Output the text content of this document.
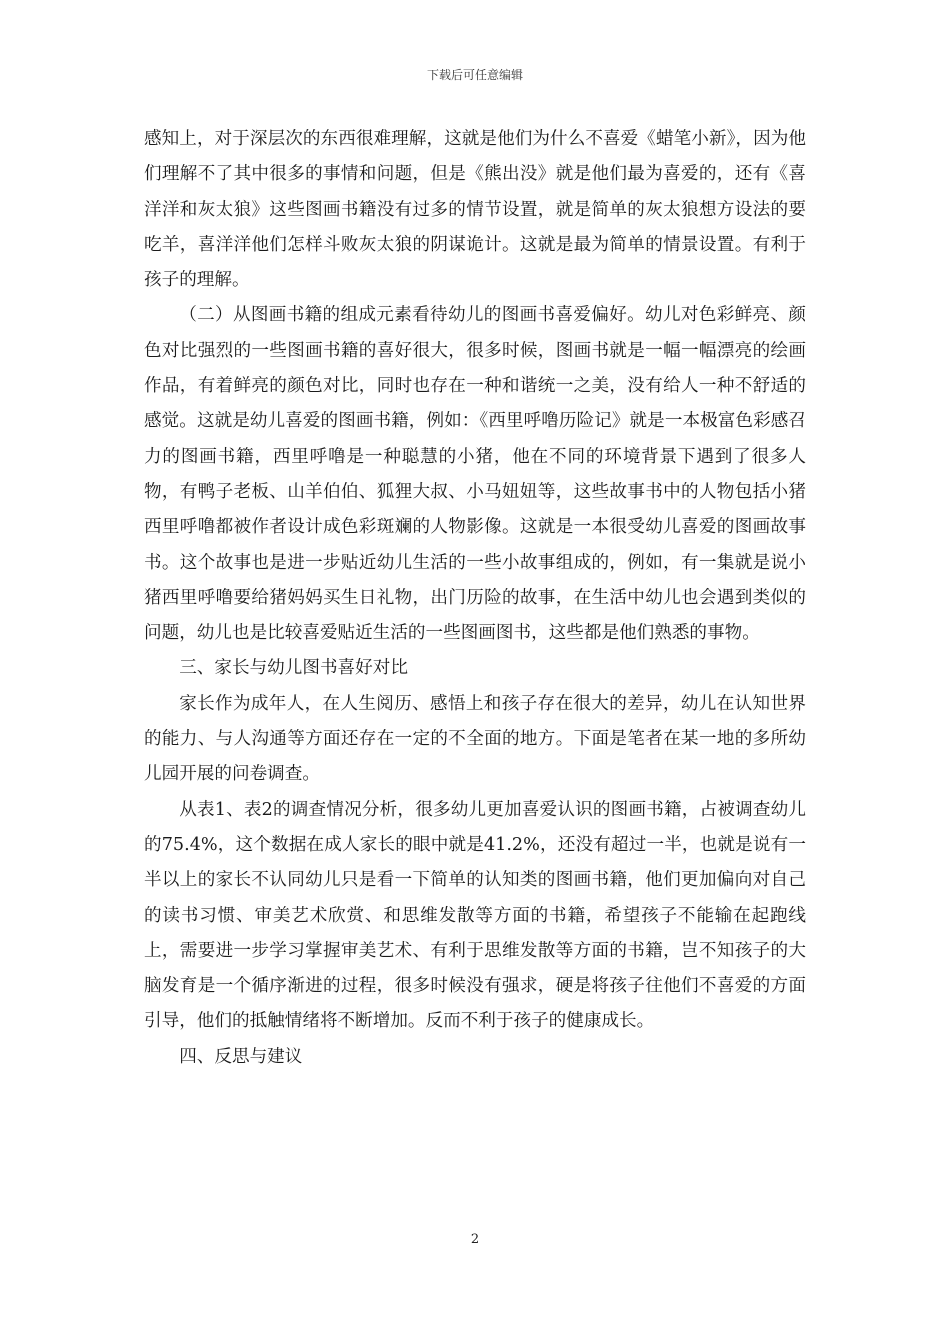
下载后可任意编辑

感知上，对于深层次的东西很难理解，这就是他们为什么不喜爱《蜡笔小新》，因为他们理解不了其中很多的事情和问题，但是《熊出没》就是他们最为喜爱的，还有《喜洋洋和灰太狼》这些图画书籍没有过多的情节设置，就是简单的灰太狼想方设法的要吃羊，喜洋洋他们怎样斗败灰太狼的阴谋诡计。这就是最为简单的情景设置。有利于孩子的理解。

（二）从图画书籍的组成元素看待幼儿的图画书喜爱偏好。幼儿对色彩鲜亮、颜色对比强烈的一些图画书籍的喜好很大，很多时候，图画书就是一幅一幅漂亮的绘画作品，有着鲜亮的颜色对比，同时也存在一种和谐统一之美，没有给人一种不舒适的感觉。这就是幼儿喜爱的图画书籍，例如：《西里呼噜历险记》就是一本极富色彩感召力的图画书籍，西里呼噜是一种聪慧的小猪，他在不同的环境背景下遇到了很多人物，有鸭子老板、山羊伯伯、狐狸大叔、小马妞妞等，这些故事书中的人物包括小猪西里呼噜都被作者设计成色彩斑斓的人物影像。这就是一本很受幼儿喜爱的图画故事书。这个故事也是进一步贴近幼儿生活的一些小故事组成的，例如，有一集就是说小猪西里呼噜要给猪妈妈买生日礼物，出门历险的故事，在生活中幼儿也会遇到类似的问题，幼儿也是比较喜爱贴近生活的一些图画图书，这些都是他们熟悉的事物。

三、家长与幼儿图书喜好对比

家长作为成年人，在人生阅历、感悟上和孩子存在很大的差异，幼儿在认知世界的能力、与人沟通等方面还存在一定的不全面的地方。下面是笔者在某一地的多所幼儿园开展的问卷调查。

从表1、表2的调查情况分析，很多幼儿更加喜爱认识的图画书籍，占被调查幼儿的75.4%，这个数据在成人家长的眼中就是41.2%，还没有超过一半，也就是说有一半以上的家长不认同幼儿只是看一下简单的认知类的图画书籍，他们更加偏向对自己的读书习惯、审美艺术欣赏、和思维发散等方面的书籍，希望孩子不能输在起跑线上，需要进一步学习掌握审美艺术、有利于思维发散等方面的书籍，岂不知孩子的大脑发育是一个循序渐进的过程，很多时候没有强求，硬是将孩子往他们不喜爱的方面引导，他们的抵触情绪将不断增加。反而不利于孩子的健康成长。

四、反思与建议

2
